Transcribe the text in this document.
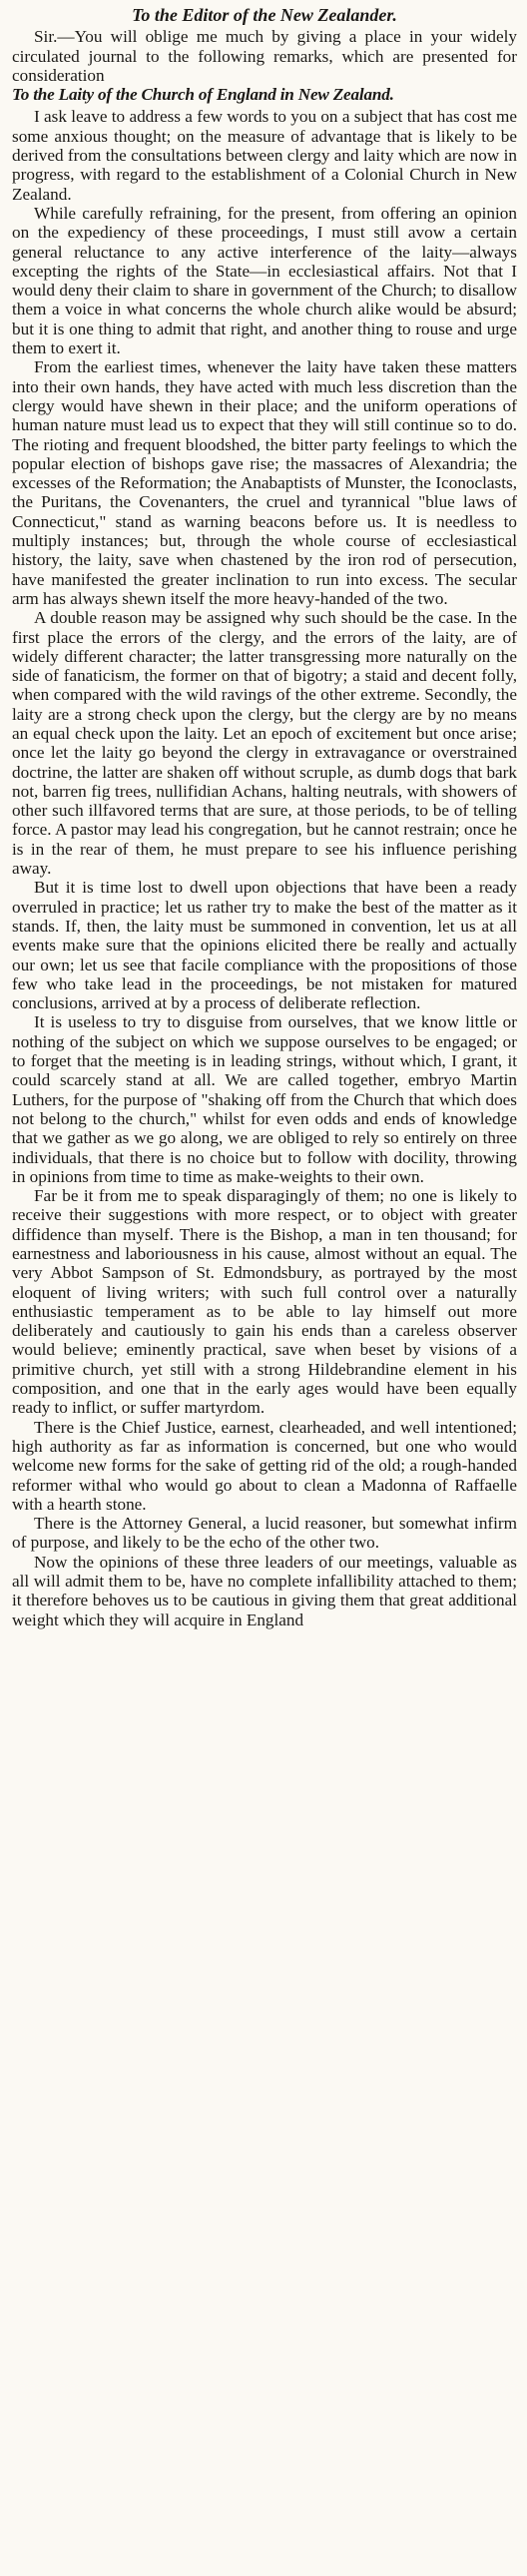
To the Editor of the New Zealander.

Sir.—You will oblige me much by giving a place in your widely circulated journal to the following remarks, which are presented for consideration

To the Laity of the Church of England in New Zealand.

I ask leave to address a few words to you on a subject that has cost me some anxious thought; on the measure of advantage that is likely to be derived from the consultations between clergy and laity which are now in progress, with regard to the establishment of a Colonial Church in New Zealand.

While carefully refraining, for the present, from offering an opinion on the expediency of these proceedings, I must still avow a certain general reluctance to any active interference of the laity—always excepting the rights of the State—in ecclesiastical affairs. Not that I would deny their claim to share in government of the Church; to disallow them a voice in what concerns the whole church alike would be absurd; but it is one thing to admit that right, and another thing to rouse and urge them to exert it.

From the earliest times, whenever the laity have taken these matters into their own hands, they have acted with much less discretion than the clergy would have shewn in their place; and the uniform operations of human nature must lead us to expect that they will still continue so to do. The rioting and frequent bloodshed, the bitter party feelings to which the popular election of bishops gave rise; the massacres of Alexandria; the excesses of the Reformation; the Anabaptists of Munster, the Iconoclasts, the Puritans, the Covenanters, the cruel and tyrannical "blue laws of Connecticut," stand as warning beacons before us. It is needless to multiply instances; but, through the whole course of ecclesiastical history, the laity, save when chastened by the iron rod of persecution, have manifested the greater inclination to run into excess. The secular arm has always shewn itself the more heavy-handed of the two.

A double reason may be assigned why such should be the case. In the first place the errors of the clergy, and the errors of the laity, are of widely different character; the latter transgressing more naturally on the side of fanaticism, the former on that of bigotry; a staid and decent folly, when compared with the wild ravings of the other extreme. Secondly, the laity are a strong check upon the clergy, but the clergy are by no means an equal check upon the laity. Let an epoch of excitement but once arise; once let the laity go beyond the clergy in extravagance or overstrained doctrine, the latter are shaken off without scruple, as dumb dogs that bark not, barren fig trees, nullifidian Achans, halting neutrals, with showers of other such illfavored terms that are sure, at those periods, to be of telling force. A pastor may lead his congregation, but he cannot restrain; once he is in the rear of them, he must prepare to see his influence perishing away.

But it is time lost to dwell upon objections that have been a ready overruled in practice; let us rather try to make the best of the matter as it stands. If, then, the laity must be summoned in convention, let us at all events make sure that the opinions elicited there be really and actually our own; let us see that facile compliance with the propositions of those few who take lead in the proceedings, be not mistaken for matured conclusions, arrived at by a process of deliberate reflection.

It is useless to try to disguise from ourselves, that we know little or nothing of the subject on which we suppose ourselves to be engaged; or to forget that the meeting is in leading strings, without which, I grant, it could scarcely stand at all. We are called together, embryo Martin Luthers, for the purpose of "shaking off from the Church that which does not belong to the church," whilst for even odds and ends of knowledge that we gather as we go along, we are obliged to rely so entirely on three individuals, that there is no choice but to follow with docility, throwing in opinions from time to time as make-weights to their own.

Far be it from me to speak disparagingly of them; no one is likely to receive their suggestions with more respect, or to object with greater diffidence than myself. There is the Bishop, a man in ten thousand; for earnestness and laboriousness in his cause, almost without an equal. The very Abbot Sampson of St. Edmondsbury, as portrayed by the most eloquent of living writers; with such full control over a naturally enthusiastic temperament as to be able to lay himself out more deliberately and cautiously to gain his ends than a careless observer would believe; eminently practical, save when beset by visions of a primitive church, yet still with a strong Hildebrandine element in his composition, and one that in the early ages would have been equally ready to inflict, or suffer martyrdom.

There is the Chief Justice, earnest, clearheaded, and well intentioned; high authority as far as information is concerned, but one who would welcome new forms for the sake of getting rid of the old; a rough-handed reformer withal who would go about to clean a Madonna of Raffaelle with a hearth stone.

There is the Attorney General, a lucid reasoner, but somewhat infirm of purpose, and likely to be the echo of the other two.

Now the opinions of these three leaders of our meetings, valuable as all will admit them to be, have no complete infallibility attached to them; it therefore behoves us to be cautious in giving them that great additional weight which they will acquire in England
